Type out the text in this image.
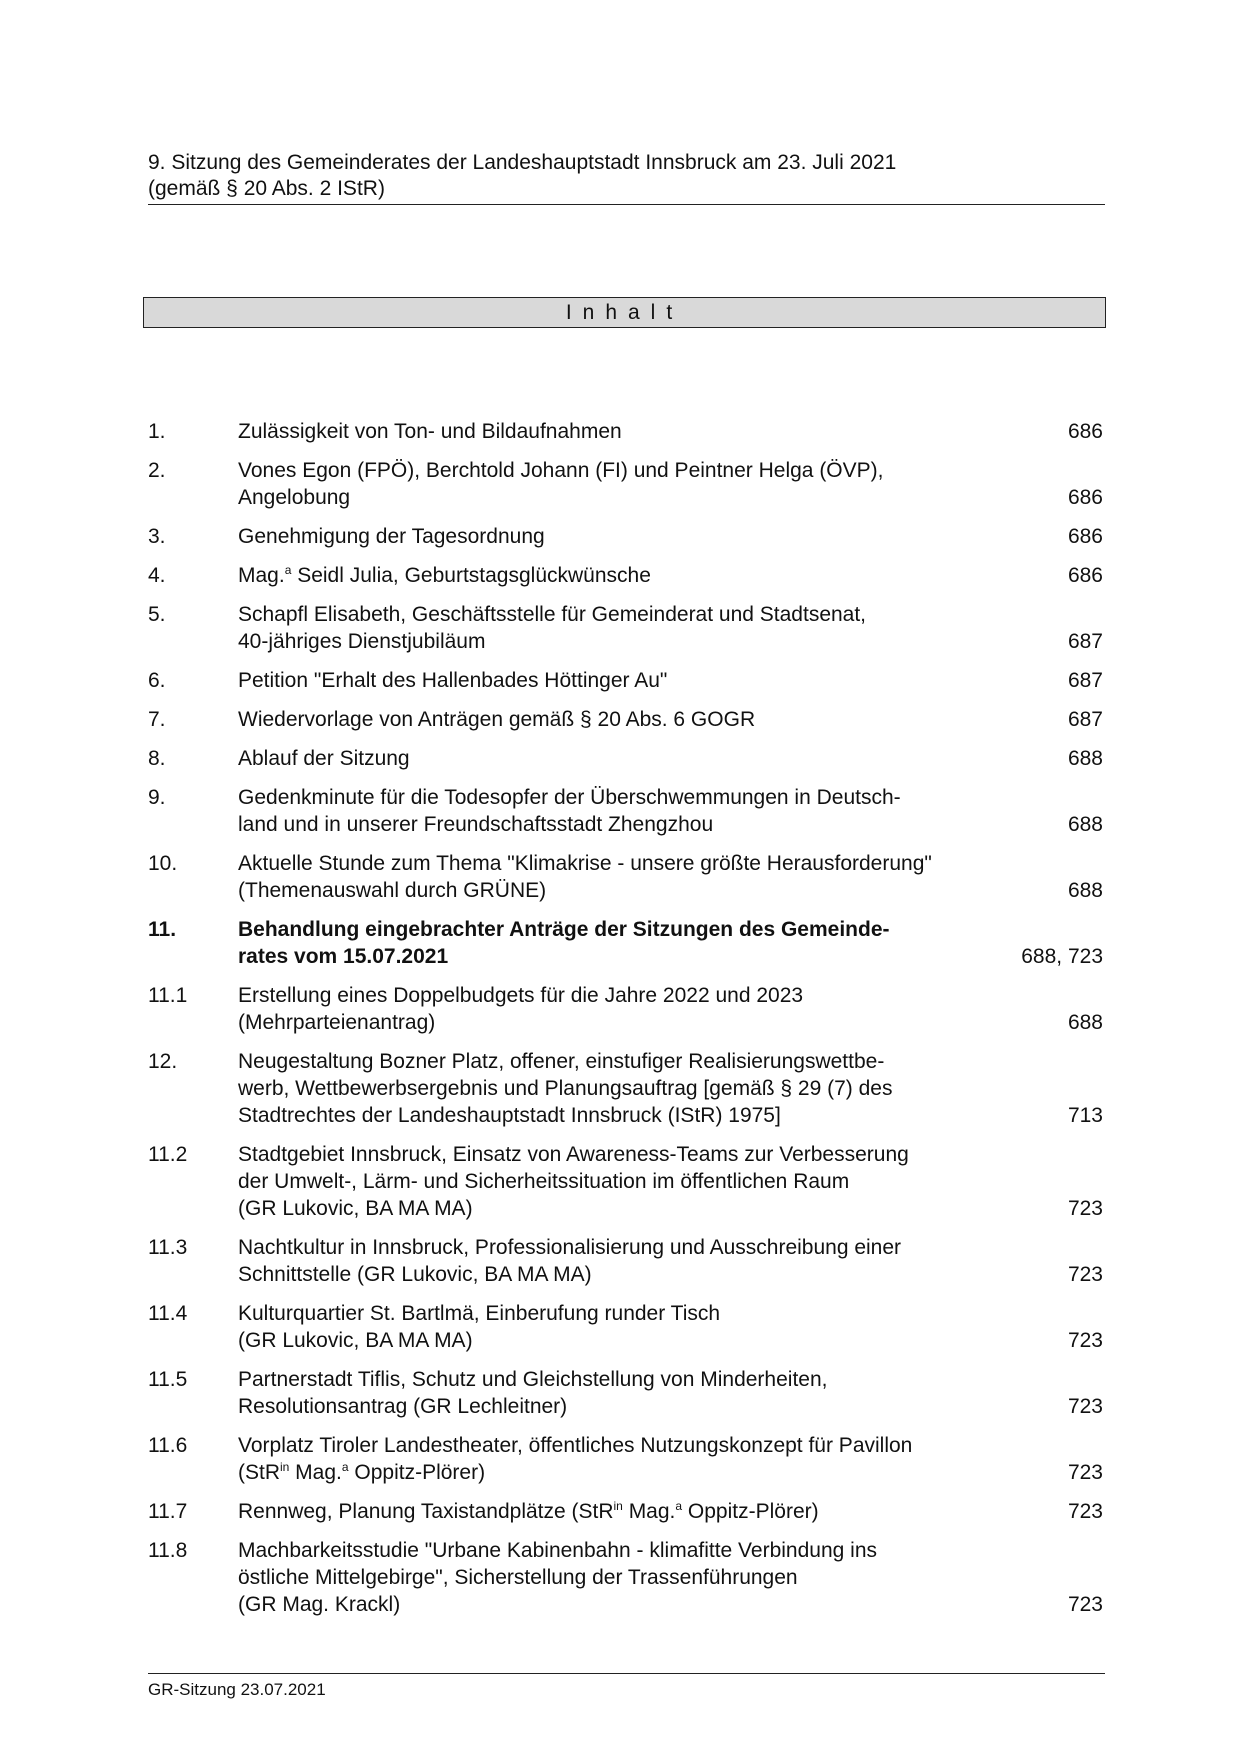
9. Sitzung des Gemeinderates der Landeshauptstadt Innsbruck am 23. Juli 2021
(gemäß § 20 Abs. 2 IStR)
Inhalt
1.	Zulässigkeit von Ton- und Bildaufnahmen	686
2.	Vones Egon (FPÖ), Berchtold Johann (FI) und Peintner Helga (ÖVP),
Angelobung	686
3.	Genehmigung der Tagesordnung	686
4.	Mag.$^a$ Seidl Julia, Geburtstagsglückwünsche	686
5.	Schapfl Elisabeth, Geschäftsstelle für Gemeinderat und Stadtsenat,
40-jähriges Dienstjubiläum	687
6.	Petition "Erhalt des Hallenbades Höttinger Au"	687
7.	Wiedervorlage von Anträgen gemäß § 20 Abs. 6 GOGR	687
8.	Ablauf der Sitzung	688
9.	Gedenkminute für die Todesopfer der Überschwemmungen in Deutsch-
land und in unserer Freundschaftsstadt Zhengzhou	688
10.	Aktuelle Stunde zum Thema "Klimakrise - unsere größte Herausforderung"
(Themenauswahl durch GRÜNE)	688
11.	Behandlung eingebrachter Anträge der Sitzungen des Gemeinde-
rates vom 15.07.2021	688, 723
11.1	Erstellung eines Doppelbudgets für die Jahre 2022 und 2023
(Mehrparteienantrag)	688
12.	Neugestaltung Bozner Platz, offener, einstufiger Realisierungswettbe-
werb, Wettbewerbsergebnis und Planungsauftrag [gemäß § 29 (7) des
Stadtrechtes der Landeshauptstadt Innsbruck (IStR) 1975]	713
11.2	Stadtgebiet Innsbruck, Einsatz von Awareness-Teams zur Verbesserung
der Umwelt-, Lärm- und Sicherheitssituation im öffentlichen Raum
(GR Lukovic, BA MA MA)	723
11.3	Nachtkultur in Innsbruck, Professionalisierung und Ausschreibung einer
Schnittstelle (GR Lukovic, BA MA MA)	723
11.4	Kulturquartier St. Bartlmä, Einberufung runder Tisch
(GR Lukovic, BA MA MA)	723
11.5	Partnerstadt Tiflis, Schutz und Gleichstellung von Minderheiten,
Resolutionsantrag (GR Lechleitner)	723
11.6	Vorplatz Tiroler Landestheater, öffentliches Nutzungskonzept für Pavillon
(StR$^{in}$ Mag.$^a$ Oppitz-Plörer)	723
11.7	Rennweg, Planung Taxistandplätze (StR$^{in}$ Mag.$^a$ Oppitz-Plörer)	723
11.8	Machbarkeitsstudie "Urbane Kabinenbahn - klimafitte Verbindung ins
östliche Mittelgebirge", Sicherstellung der Trassenführungen
(GR Mag. Krackl)	723
GR-Sitzung 23.07.2021
